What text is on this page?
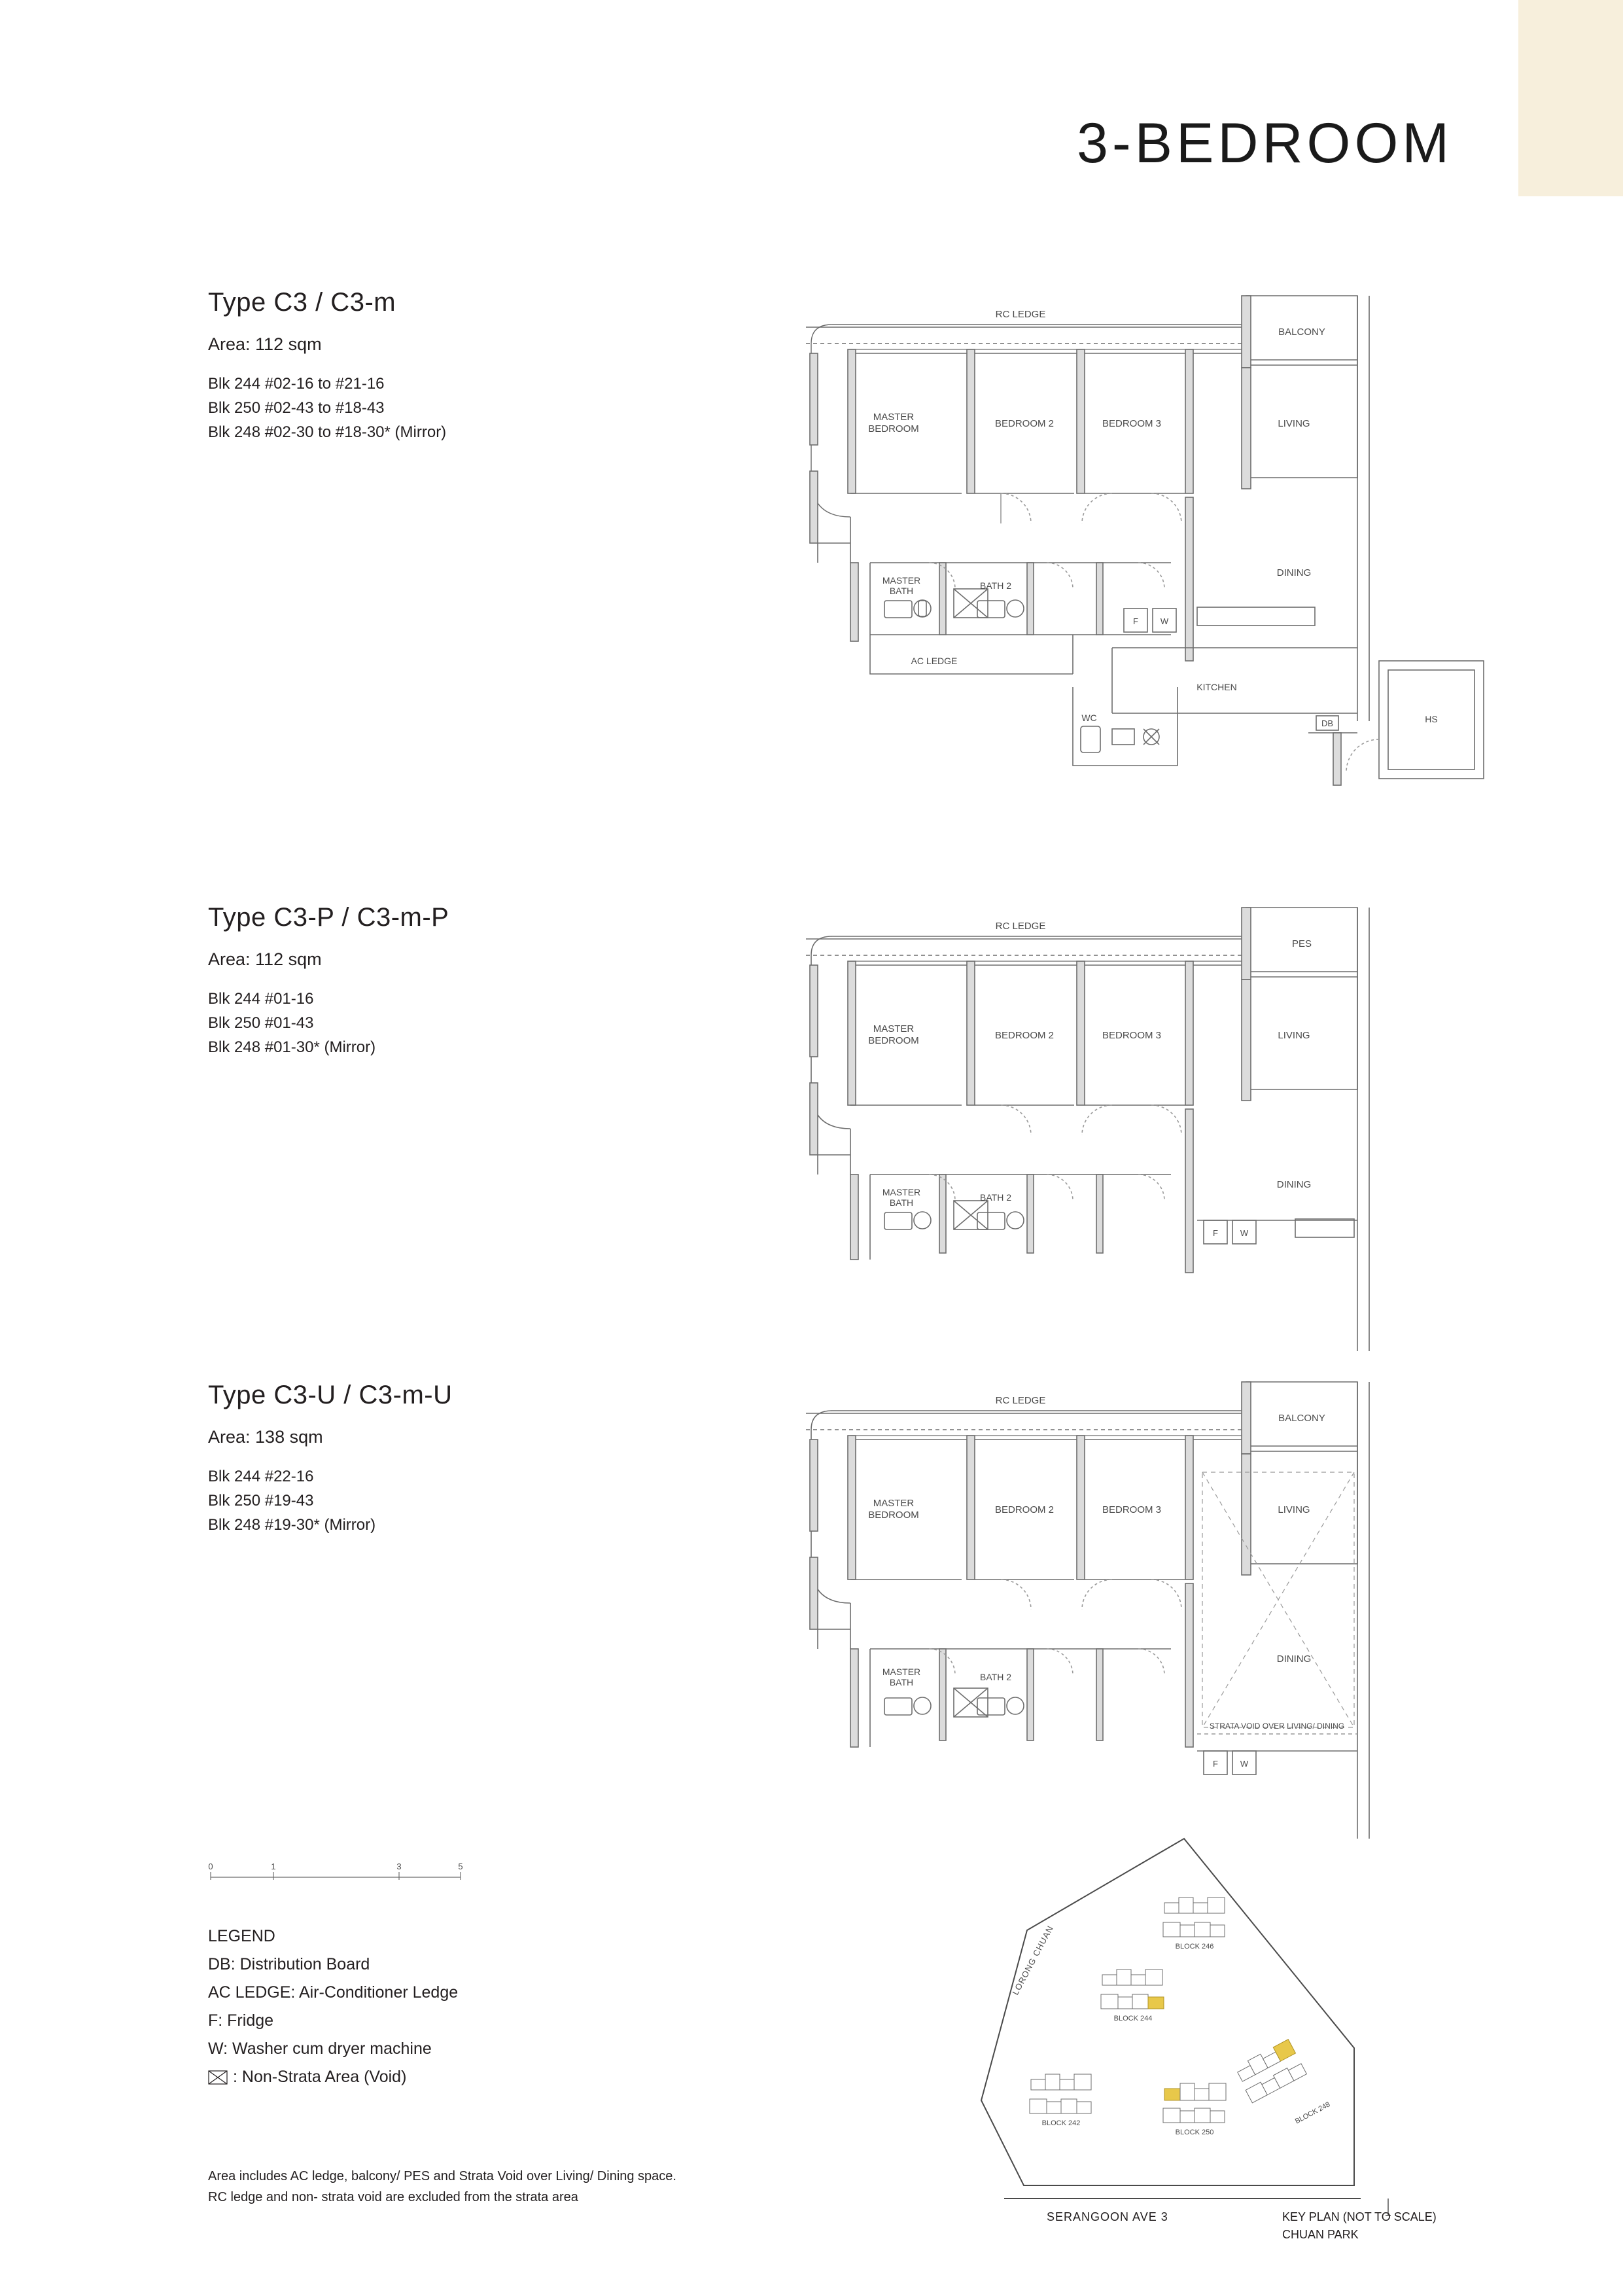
3-BEDROOM
Type C3 / C3-m
Area: 112 sqm
Blk 244 #02-16 to #21-16
Blk 250 #02-43 to #18-43
Blk 248 #02-30 to #18-30* (Mirror)
BALCONY
RC LEDGE
MASTER
BEDROOM	BEDROOM 2	BEDROOM 3	LIVING
DINING
MASTER
BATH	BATH 2
AC LEDGE
KITCHEN
WC	HS
DB
F	W
Type C3-P / C3-m-P
Area: 112 sqm
Blk 244 #01-16
Blk 250 #01-43
Blk 248 #01-30* (Mirror)
PES
RC LEDGE
MASTER
BEDROOM	BEDROOM 2	BEDROOM 3	LIVING
DINING
MASTER
BATH	BATH 2
F	W
Type C3-U / C3-m-U
Area: 138 sqm
Blk 244 #22-16
Blk 250 #19-43
Blk 248 #19-30* (Mirror)
BALCONY
RC LEDGE
MASTER
BEDROOM	BEDROOM 2	BEDROOM 3	LIVING
DINING
MASTER
BATH	BATH 2
STRATA VOID OVER LIVING/ DINING
F	W
0	1	3	5
LEGEND
DB: Distribution Board
AC LEDGE: Air-Conditioner Ledge
F: Fridge
W: Washer cum dryer machine
: Non-Strata Area (Void)
Area includes AC ledge, balcony/ PES and Strata Void over Living/ Dining space.
RC ledge and non- strata void are excluded from the strata area
BLOCK 246
BLOCK 244
BLOCK 242
BLOCK 250
BLOCK 248
LORONG CHUAN
SERANGOON AVE 3	KEY PLAN (NOT TO SCALE)
CHUAN PARK
